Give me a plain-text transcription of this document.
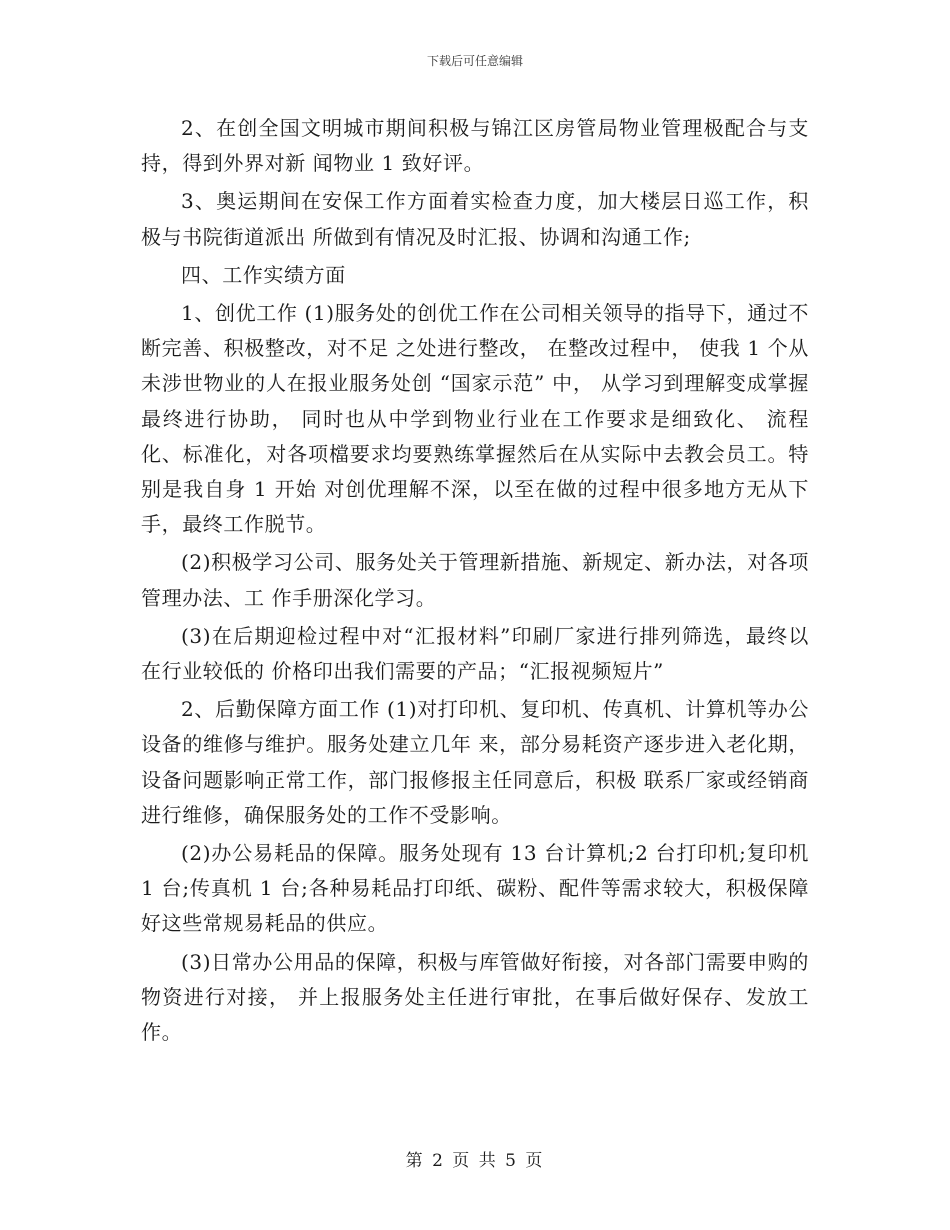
下载后可任意编辑

2、在创全国文明城市期间积极与锦江区房管局物业管理极配合与支持，得到外界对新 闻物业 1 致好评。

3、奥运期间在安保工作方面着实检查力度，加大楼层日巡工作，积极与书院街道派出 所做到有情况及时汇报、协调和沟通工作;

四、工作实绩方面

1、创优工作 (1)服务处的创优工作在公司相关领导的指导下，通过不断完善、积极整改，对不足 之处进行整改， 在整改过程中， 使我 1 个从未涉世物业的人在报业服务处创 “国家示范” 中， 从学习到理解变成掌握最终进行协助， 同时也从中学到物业行业在工作要求是细致化、 流程 化、标准化，对各项檔要求均要熟练掌握然后在从实际中去教会员工。特别是我自身 1 开始 对创优理解不深，以至在做的过程中很多地方无从下手，最终工作脱节。

(2)积极学习公司、服务处关于管理新措施、新规定、新办法，对各项管理办法、工 作手册深化学习。

(3)在后期迎检过程中对“汇报材料”印刷厂家进行排列筛选，最终以在行业较低的 价格印出我们需要的产品；“汇报视频短片”

2、后勤保障方面工作 (1)对打印机、复印机、传真机、计算机等办公设备的维修与维护。服务处建立几年 来，部分易耗资产逐步进入老化期，设备问题影响正常工作，部门报修报主任同意后，积极 联系厂家或经销商进行维修，确保服务处的工作不受影响。

(2)办公易耗品的保障。服务处现有 13 台计算机;2 台打印机;复印机 1 台;传真机 1 台;各种易耗品打印纸、碳粉、配件等需求较大，积极保障好这些常规易耗品的供应。

(3)日常办公用品的保障，积极与库管做好衔接，对各部门需要申购的物资进行对接， 并上报服务处主任进行审批，在事后做好保存、发放工作。

第 2 页 共 5 页
